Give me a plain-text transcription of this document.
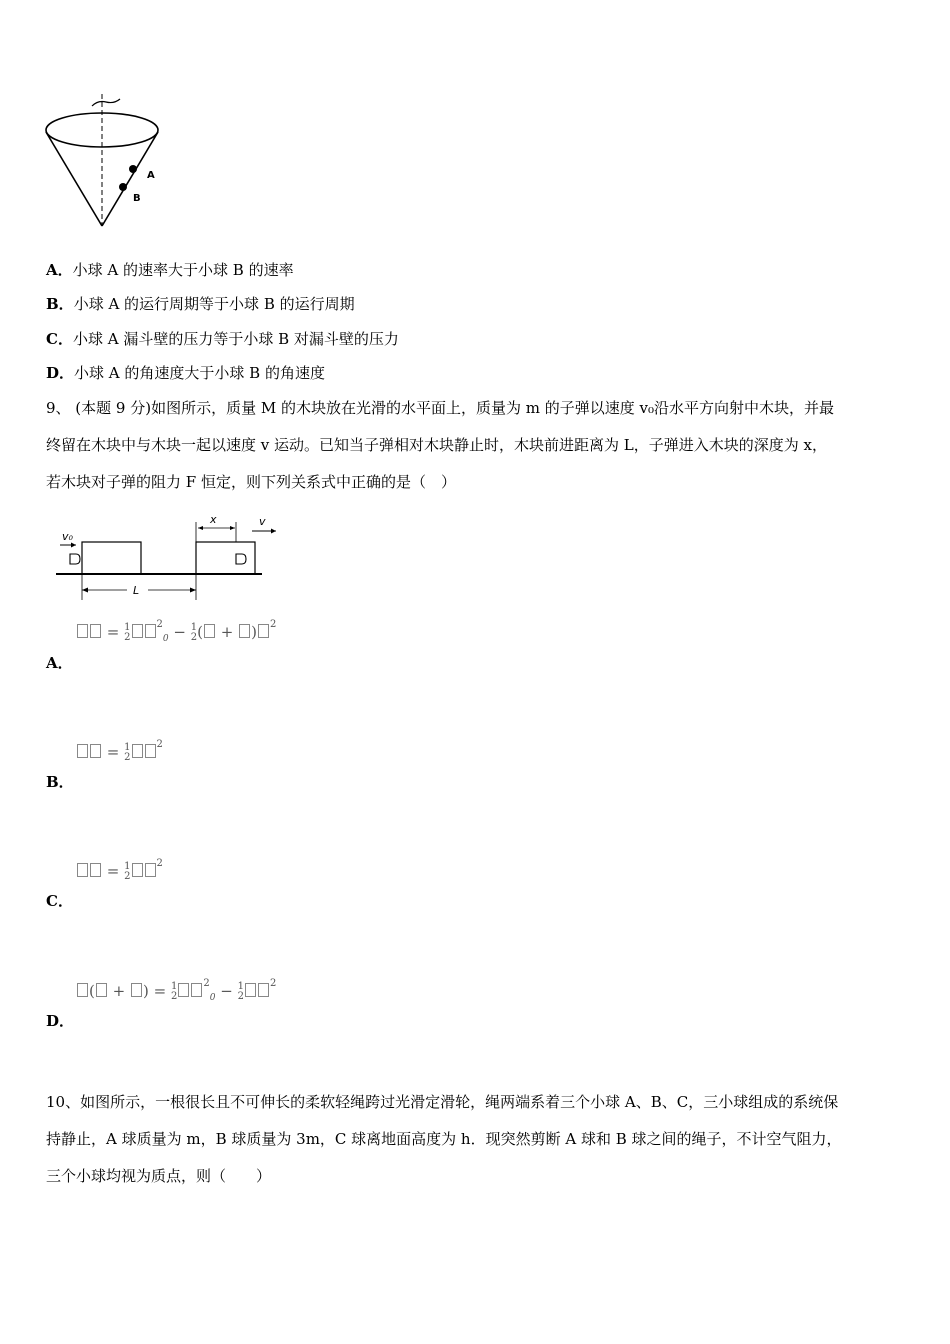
A
B
A．小球 A 的速率大于小球 B 的速率
B．小球 A 的运行周期等于小球 B 的运行周期
C．小球 A 漏斗壁的压力等于小球 B 对漏斗壁的压力
D．小球 A 的角速度大于小球 B 的角速度
9、 (本题 9 分)如图所示，质量 M 的木块放在光滑的水平面上，质量为 m 的子弹以速度 v₀沿水平方向射中木块，并最
终留在木块中与木块一起以速度 v 运动。已知当子弹相对木块静止时，木块前进距离为 L，子弹进入木块的深度为 x，
若木块对子弹的阻力 F 恒定，则下列关系式中正确的是（　）
v₀
x	v
L
= 1
2
$^2_0$ − 1
2 ( + ) $^2$
A．
= 1
2
$^2$
B．
= 1
2
$^2$
C．
( + ) = 1
2
$^2_0$ − 1
2
$^2$
D．
10、如图所示，一根很长且不可伸长的柔软轻绳跨过光滑定滑轮，绳两端系着三个小球 A、B、C，三小球组成的系统保
持静止，A 球质量为 m，B 球质量为 3m，C 球离地面高度为 h．现突然剪断 A 球和 B 球之间的绳子，不计空气阻力，
三个小球均视为质点，则（　　）
